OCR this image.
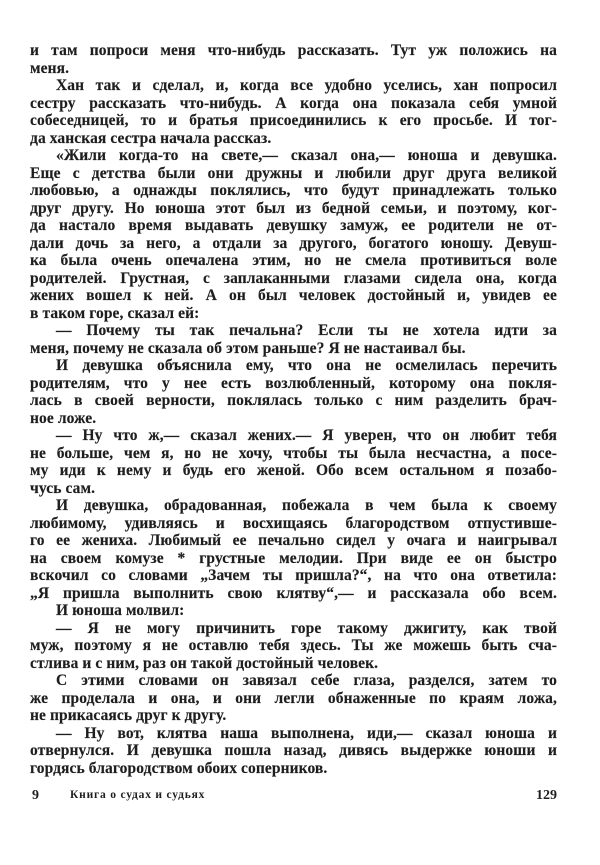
и там попроси меня что-нибудь рассказать. Тут уж положись на
меня.
Хан так и сделал, и, когда все удобно уселись, хан попросил
сестру рассказать что-нибудь. А когда она показала себя умной
собеседницей, то и братья присоединились к его просьбе. И тог-
да ханская сестра начала рассказ.
«Жили когда-то на свете,— сказал она,— юноша и девушка.
Еще с детства были они дружны и любили друг друга великой
любовью, а однажды поклялись, что будут принадлежать только
друг другу. Но юноша этот был из бедной семьи, и поэтому, ког-
да настало время выдавать девушку замуж, ее родители не от-
дали дочь за него, а отдали за другого, богатого юношу. Девуш-
ка была очень опечалена этим, но не смела противиться воле
родителей. Грустная, с заплаканными глазами сидела она, когда
жених вошел к ней. А он был человек достойный и, увидев ее
в таком горе, сказал ей:
— Почему ты так печальна? Если ты не хотела идти за
меня, почему не сказала об этом раньше? Я не настаивал бы.
И девушка объяснила ему, что она не осмелилась перечить
родителям, что у нее есть возлюбленный, которому она покля-
лась в своей верности, поклялась только с ним разделить брач-
ное ложе.
— Ну что ж,— сказал жених.— Я уверен, что он любит тебя
не больше, чем я, но не хочу, чтобы ты была несчастна, а посе-
му иди к нему и будь его женой. Обо всем остальном я позабо-
чусь сам.
И девушка, обрадованная, побежала в чем была к своему
любимому, удивляясь и восхищаясь благородством отпустивше-
го ее жениха. Любимый ее печально сидел у очага и наигрывал
на своем комузе * грустные мелодии. При виде ее он быстро
вскочил со словами „Зачем ты пришла?“, на что она ответила:
„Я пришла выполнить свою клятву“,— и рассказала обо всем.
И юноша молвил:
— Я не могу причинить горе такому джигиту, как твой
муж, поэтому я не оставлю тебя здесь. Ты же можешь быть сча-
стлива и с ним, раз он такой достойный человек.
С этими словами он завязал себе глаза, разделся, затем то
же проделала и она, и они легли обнаженные по краям ложа,
не прикасаясь друг к другу.
— Ну вот, клятва наша выполнена, иди,— сказал юноша и
отвернулся. И девушка пошла назад, дивясь выдержке юноши и
гордясь благородством обоих соперников.
9	Книга о судах и судьях	129
